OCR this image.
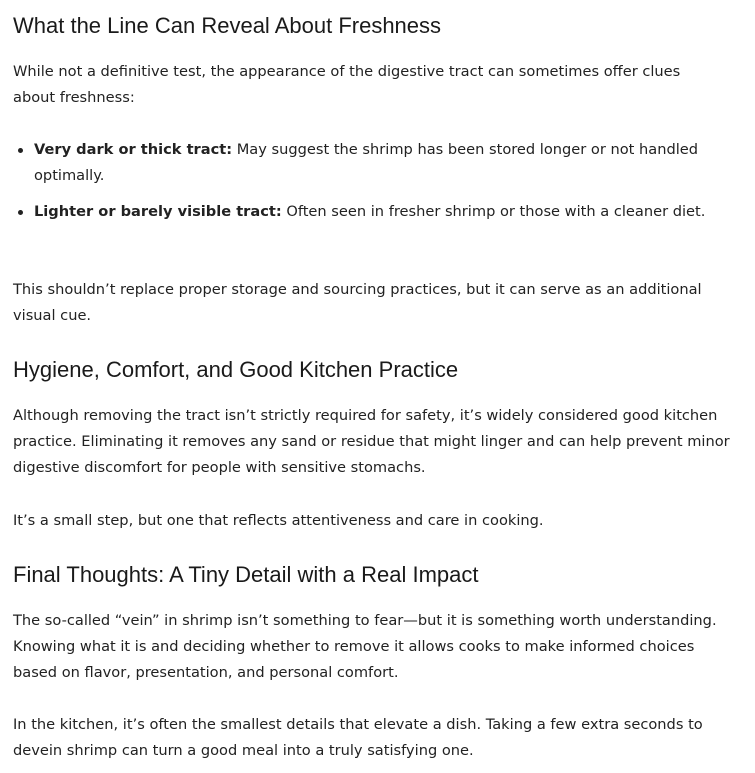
What the Line Can Reveal About Freshness

While not a definitive test, the appearance of the digestive tract can sometimes offer clues about freshness:

Very dark or thick tract: May suggest the shrimp has been stored longer or not handled optimally.
Lighter or barely visible tract: Often seen in fresher shrimp or those with a cleaner diet.

This shouldn’t replace proper storage and sourcing practices, but it can serve as an additional visual cue.

Hygiene, Comfort, and Good Kitchen Practice

Although removing the tract isn’t strictly required for safety, it’s widely considered good kitchen practice. Eliminating it removes any sand or residue that might linger and can help prevent minor digestive discomfort for people with sensitive stomachs.

It’s a small step, but one that reflects attentiveness and care in cooking.

Final Thoughts: A Tiny Detail with a Real Impact

The so-called “vein” in shrimp isn’t something to fear—but it is something worth understanding. Knowing what it is and deciding whether to remove it allows cooks to make informed choices based on flavor, presentation, and personal comfort.

In the kitchen, it’s often the smallest details that elevate a dish. Taking a few extra seconds to devein shrimp can turn a good meal into a truly satisfying one.
